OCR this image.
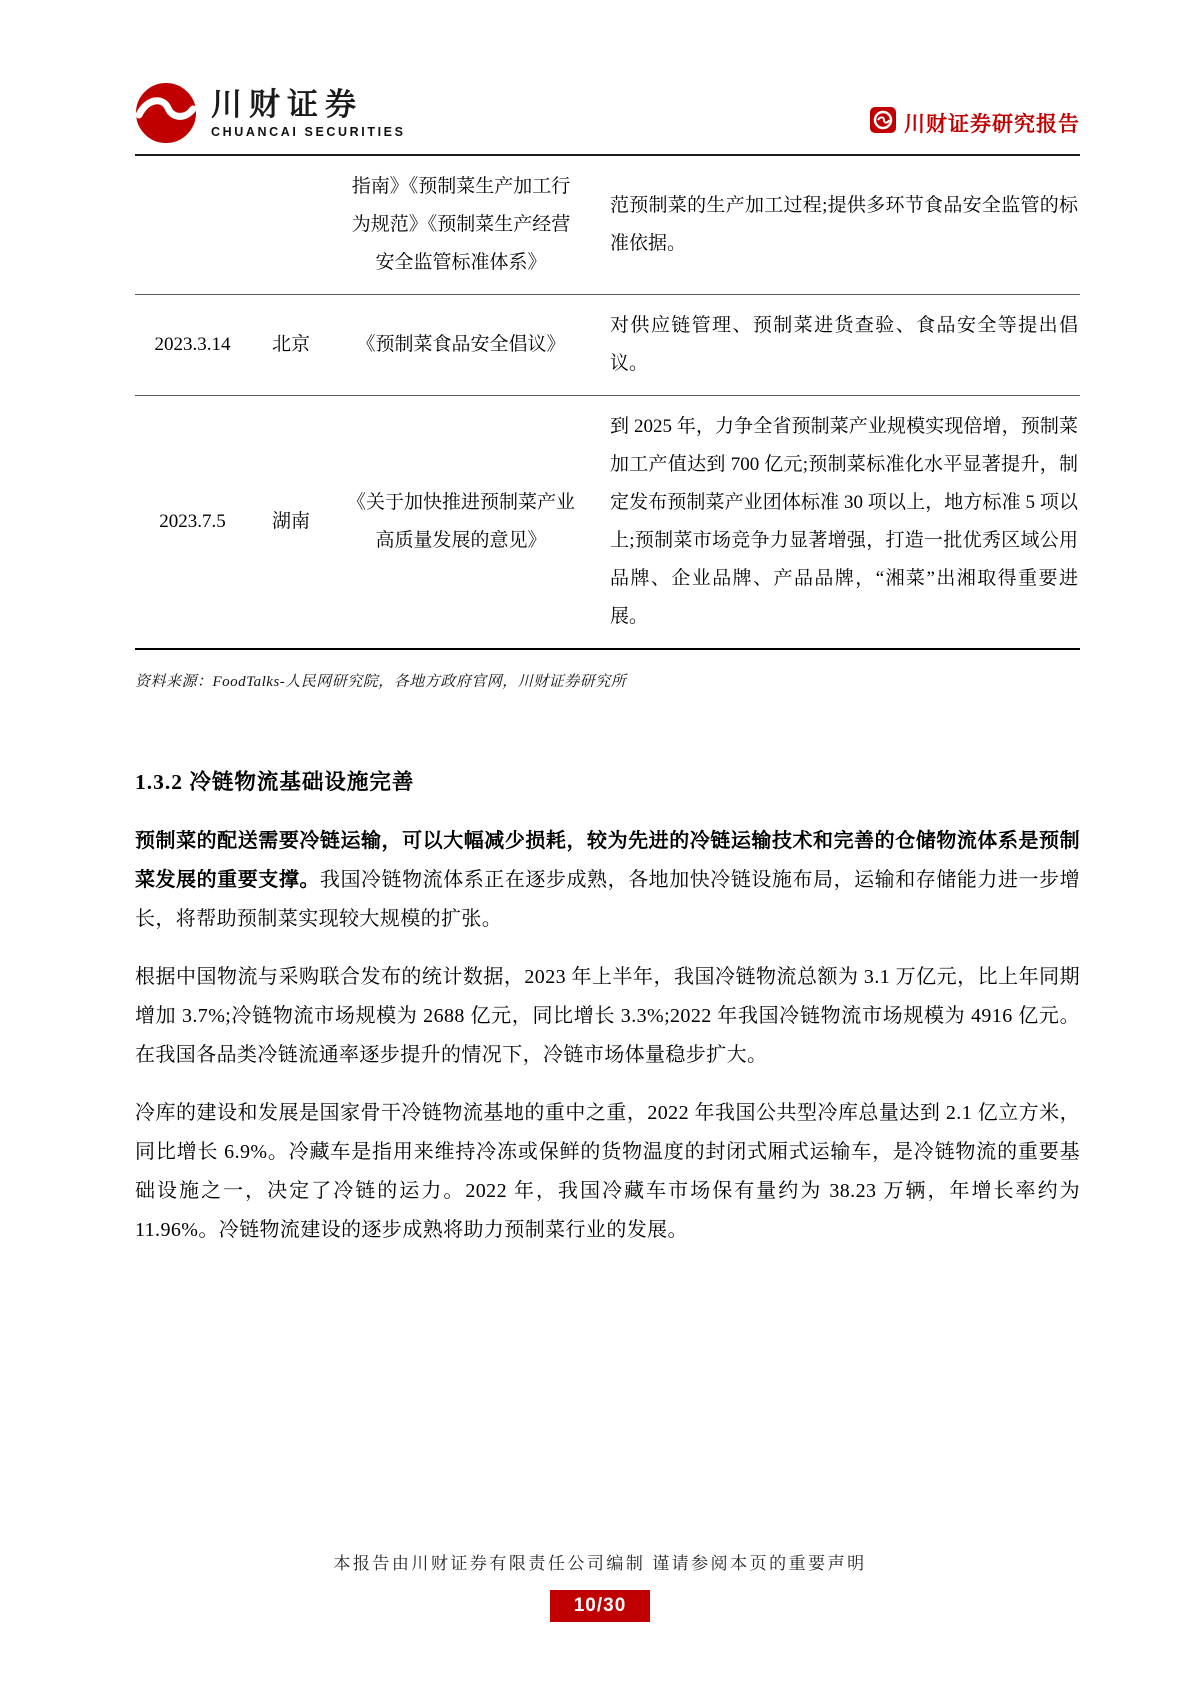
川财证券
CHUANCAI SECURITIES	川财证券研究报告
		指南》《预制菜生产加工行为规范》《预制菜生产经营安全监管标准体系》	范预制菜的生产加工过程;提供多环节食品安全监管的标准依据。
2023.3.14	北京	《预制菜食品安全倡议》	对供应链管理、预制菜进货查验、食品安全等提出倡议。
2023.7.5	湖南	《关于加快推进预制菜产业高质量发展的意见》	到 2025 年，力争全省预制菜产业规模实现倍增，预制菜加工产值达到 700 亿元;预制菜标准化水平显著提升，制定发布预制菜产业团体标准 30 项以上，地方标准 5 项以上;预制菜市场竞争力显著增强，打造一批优秀区域公用品牌、企业品牌、产品品牌，“湘菜”出湘取得重要进展。
资料来源：FoodTalks-人民网研究院，各地方政府官网，川财证券研究所
1.3.2 冷链物流基础设施完善

预制菜的配送需要冷链运输，可以大幅减少损耗，较为先进的冷链运输技术和完善的仓储物流体系是预制菜发展的重要支撑。我国冷链物流体系正在逐步成熟，各地加快冷链设施布局，运输和存储能力进一步增长，将帮助预制菜实现较大规模的扩张。

根据中国物流与采购联合发布的统计数据，2023 年上半年，我国冷链物流总额为 3.1 万亿元，比上年同期增加 3.7%;冷链物流市场规模为 2688 亿元，同比增长 3.3%;2022 年我国冷链物流市场规模为 4916 亿元。在我国各品类冷链流通率逐步提升的情况下，冷链市场体量稳步扩大。

冷库的建设和发展是国家骨干冷链物流基地的重中之重，2022 年我国公共型冷库总量达到 2.1 亿立方米，同比增长 6.9%。冷藏车是指用来维持冷冻或保鲜的货物温度的封闭式厢式运输车，是冷链物流的重要基础设施之一，决定了冷链的运力。2022 年，我国冷藏车市场保有量约为 38.23 万辆，年增长率约为 11.96%。冷链物流建设的逐步成熟将助力预制菜行业的发展。

本报告由川财证券有限责任公司编制 谨请参阅本页的重要声明
10/30
